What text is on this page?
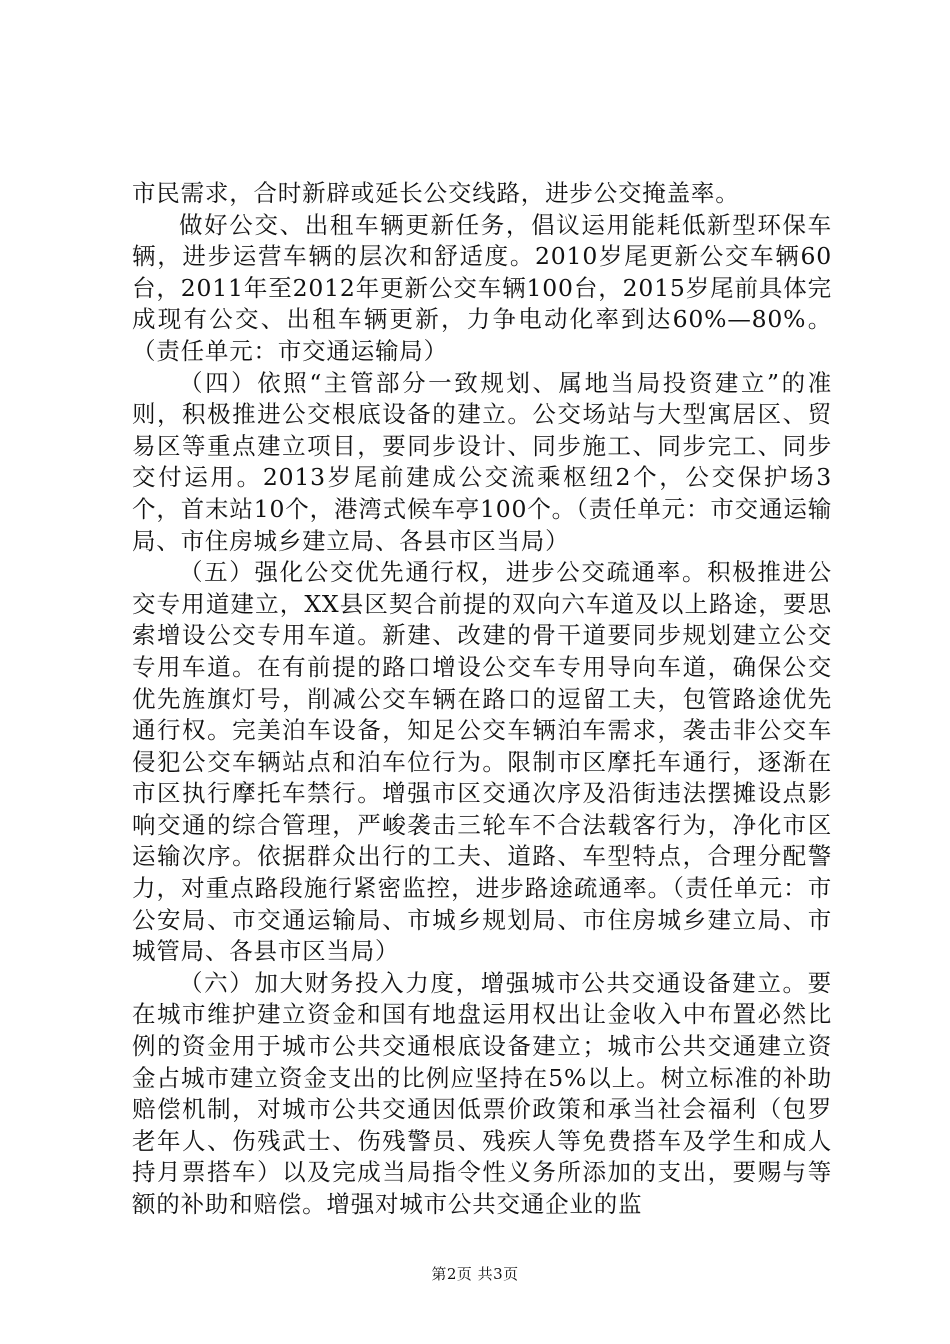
市民需求，合时新辟或延长公交线路，进步公交掩盖率。

做好公交、出租车辆更新任务，倡议运用能耗低新型环保车辆，进步运营车辆的层次和舒适度。2010岁尾更新公交车辆60台，2011年至2012年更新公交车辆100台，2015岁尾前具体完成现有公交、出租车辆更新，力争电动化率到达60%—80%。（责任单元：市交通运输局）

（四）依照“主管部分一致规划、属地当局投资建立”的准则，积极推进公交根底设备的建立。公交场站与大型寓居区、贸易区等重点建立项目，要同步设计、同步施工、同步完工、同步交付运用。2013岁尾前建成公交流乘枢纽2个，公交保护场3个，首末站10个，港湾式候车亭100个。（责任单元：市交通运输局、市住房城乡建立局、各县市区当局）

（五）强化公交优先通行权，进步公交疏通率。积极推进公交专用道建立，XX县区契合前提的双向六车道及以上路途，要思索增设公交专用车道。新建、改建的骨干道要同步规划建立公交专用车道。在有前提的路口增设公交车专用导向车道，确保公交优先旌旗灯号，削减公交车辆在路口的逗留工夫，包管路途优先通行权。完美泊车设备，知足公交车辆泊车需求，袭击非公交车侵犯公交车辆站点和泊车位行为。限制市区摩托车通行，逐渐在市区执行摩托车禁行。增强市区交通次序及沿街违法摆摊设点影响交通的综合管理，严峻袭击三轮车不合法载客行为，净化市区运输次序。依据群众出行的工夫、道路、车型特点，合理分配警力，对重点路段施行紧密监控，进步路途疏通率。（责任单元：市公安局、市交通运输局、市城乡规划局、市住房城乡建立局、市城管局、各县市区当局）

（六）加大财务投入力度，增强城市公共交通设备建立。要在城市维护建立资金和国有地盘运用权出让金收入中布置必然比例的资金用于城市公共交通根底设备建立；城市公共交通建立资金占城市建立资金支出的比例应坚持在5%以上。树立标准的补助赔偿机制，对城市公共交通因低票价政策和承当社会福利（包罗老年人、伤残武士、伤残警员、残疾人等免费搭车及学生和成人持月票搭车）以及完成当局指令性义务所添加的支出，要赐与等额的补助和赔偿。增强对城市公共交通企业的监

第2页 共3页
